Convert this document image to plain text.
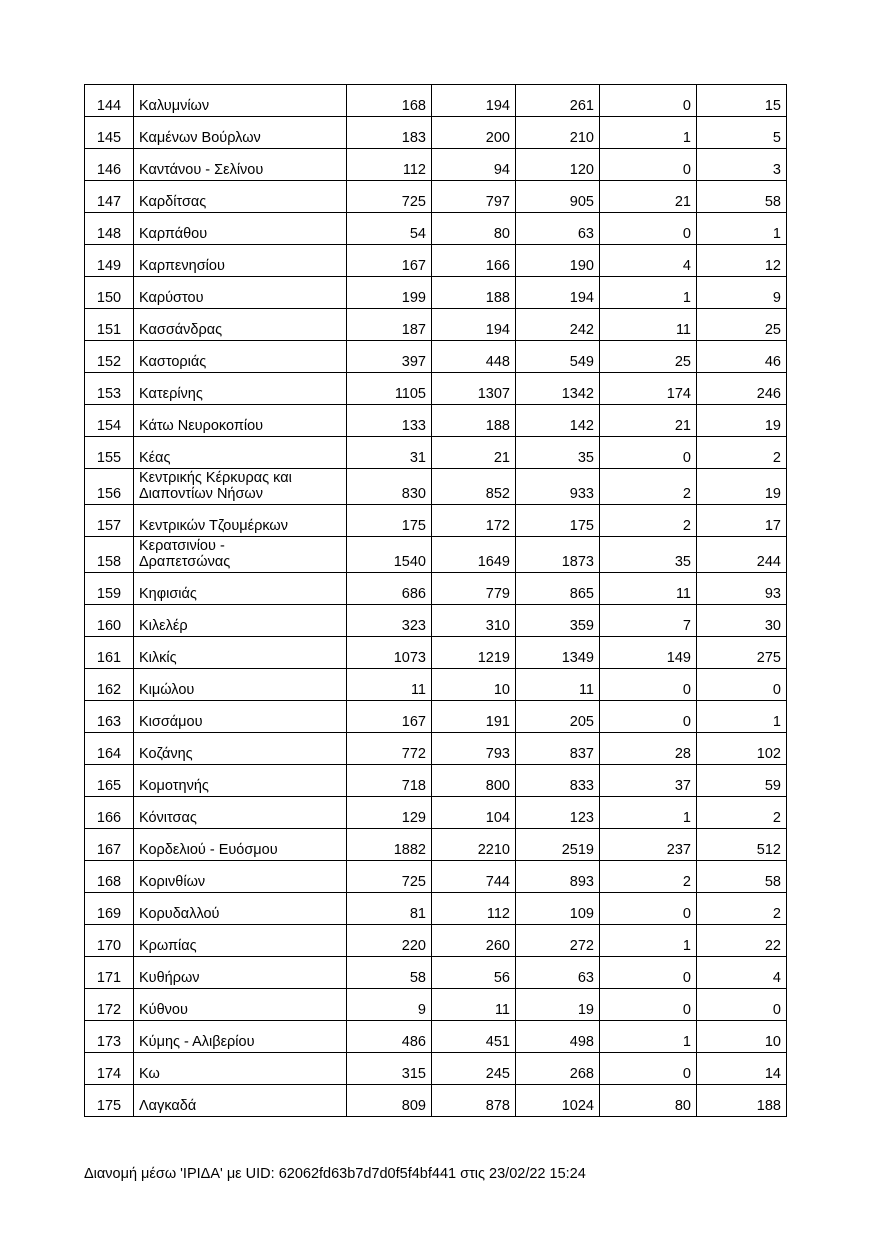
144	Καλυμνίων	168	194	261	0	15
145	Καμένων Βούρλων	183	200	210	1	5
146	Καντάνου - Σελίνου	112	94	120	0	3
147	Καρδίτσας	725	797	905	21	58
148	Καρπάθου	54	80	63	0	1
149	Καρπενησίου	167	166	190	4	12
150	Καρύστου	199	188	194	1	9
151	Κασσάνδρας	187	194	242	11	25
152	Καστοριάς	397	448	549	25	46
153	Κατερίνης	1105	1307	1342	174	246
154	Κάτω Νευροκοπίου	133	188	142	21	19
155	Κέας	31	21	35	0	2
156	Κεντρικής Κέρκυρας και
Διαποντίων Νήσων	830	852	933	2	19
157	Κεντρικών Τζουμέρκων	175	172	175	2	17
158	Κερατσινίου -
Δραπετσώνας	1540	1649	1873	35	244
159	Κηφισιάς	686	779	865	11	93
160	Κιλελέρ	323	310	359	7	30
161	Κιλκίς	1073	1219	1349	149	275
162	Κιμώλου	11	10	11	0	0
163	Κισσάμου	167	191	205	0	1
164	Κοζάνης	772	793	837	28	102
165	Κομοτηνής	718	800	833	37	59
166	Κόνιτσας	129	104	123	1	2
167	Κορδελιού - Ευόσμου	1882	2210	2519	237	512
168	Κορινθίων	725	744	893	2	58
169	Κορυδαλλού	81	112	109	0	2
170	Κρωπίας	220	260	272	1	22
171	Κυθήρων	58	56	63	0	4
172	Κύθνου	9	11	19	0	0
173	Κύμης - Αλιβερίου	486	451	498	1	10
174	Κω	315	245	268	0	14
175	Λαγκαδά	809	878	1024	80	188
Διανομή μέσω 'ΙΡΙΔΑ' με UID: 62062fd63b7d7d0f5f4bf441 στις 23/02/22 15:24
